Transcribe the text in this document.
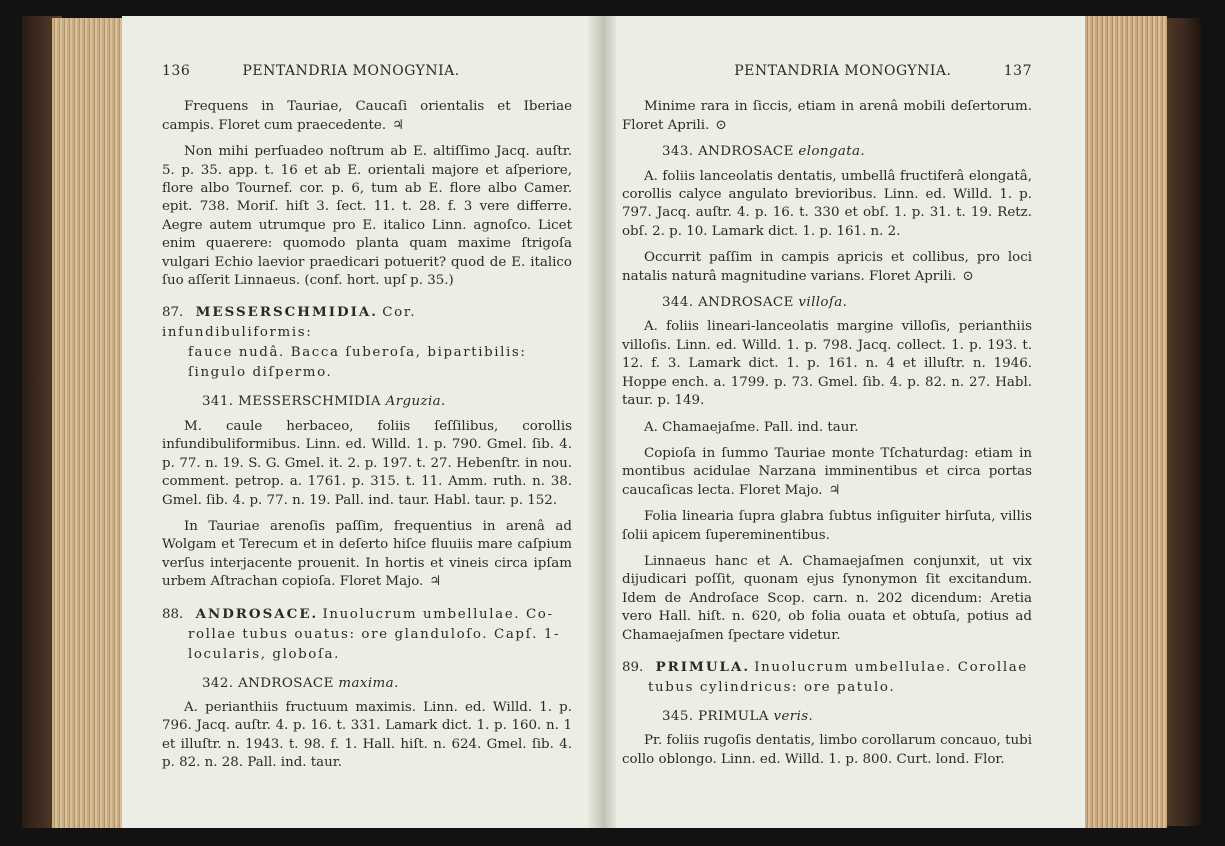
136	PENTANDRIA MONOGYNIA.

Frequens in Tauriae, Caucaſi orientalis et Iberiae campis. Floret cum praecedente. ♃

Non mihi perſuadeo noſtrum ab E. altiſſimo Jacq. auſtr. 5. p. 35. app. t. 16 et ab E. orientali majore et aſperiore, flore albo Tournef. cor. p. 6, tum ab E. flore albo Camer. epit. 738. Moriſ. hiſt 3. ſect. 11. t. 28. f. 3 vere differre. Aegre autem utrumque pro E. italico Linn. agnoſco. Licet enim quaerere: quomodo planta quam maxime ſtrigoſa vulgari Echio laevior praedicari potuerit? quod de E. italico ſuo aſſerit Linnaeus. (conf. hort. upſ p. 35.)

87. MESSERSCHMIDIA. Cor. infundibuliformis:
fauce nudâ. Bacca ſuberoſa, bipartibilis: ſingulo diſpermo.
341. MESSERSCHMIDIA Arguzia.

M. caule herbaceo, foliis ſeſſilibus, corollis infundibuliformibus. Linn. ed. Willd. 1. p. 790. Gmel. ſib. 4. p. 77. n. 19. S. G. Gmel. it. 2. p. 197. t. 27. Hebenſtr. in nou. comment. petrop. a. 1761. p. 315. t. 11. Amm. ruth. n. 38. Gmel. ſib. 4. p. 77. n. 19. Pall. ind. taur. Habl. taur. p. 152.

In Tauriae arenoſis paſſim, frequentius in arenâ ad Wolgam et Terecum et in deſerto hiſce fluuiis mare caſpium verſus interjacente prouenit. In hortis et vineis circa ipſam urbem Aſtrachan copioſa. Floret Majo. ♃

88. ANDROSACE. Inuolucrum umbellulae. Co-
rollae tubus ouatus: ore glanduloſo. Capſ. 1-locularis, globoſa.
342. ANDROSACE maxima.

A. perianthiis fructuum maximis. Linn. ed. Willd. 1. p. 796. Jacq. auſtr. 4. p. 16. t. 331. Lamark dict. 1. p. 160. n. 1 et illuſtr. n. 1943. t. 98. f. 1. Hall. hiſt. n. 624. Gmel. ſib. 4. p. 82. n. 28. Pall. ind. taur.

PENTANDRIA MONOGYNIA.	137

Minime rara in ſiccis, etiam in arenâ mobili deſertorum. Floret Aprili. ⊙

343. ANDROSACE elongata.

A. foliis lanceolatis dentatis, umbellâ fructiferâ elongatâ, corollis calyce angulato brevioribus. Linn. ed. Willd. 1. p. 797. Jacq. auſtr. 4. p. 16. t. 330 et obſ. 1. p. 31. t. 19. Retz. obſ. 2. p. 10. Lamark dict. 1. p. 161. n. 2.

Occurrit paſſim in campis apricis et collibus, pro loci natalis naturâ magnitudine varians. Floret Aprili. ⊙

344. ANDROSACE villoſa.

A. foliis lineari-lanceolatis margine villoſis, perianthiis villoſis. Linn. ed. Willd. 1. p. 798. Jacq. collect. 1. p. 193. t. 12. f. 3. Lamark dict. 1. p. 161. n. 4 et illuſtr. n. 1946. Hoppe ench. a. 1799. p. 73. Gmel. ſib. 4. p. 82. n. 27. Habl. taur. p. 149.

A. Chamaejaſme. Pall. ind. taur.

Copioſa in ſummo Tauriae monte Tſchaturdag: etiam in montibus acidulae Narzana imminentibus et circa portas caucaſicas lecta. Floret Majo. ♃

Folia linearia ſupra glabra ſubtus inſiguiter hirſuta, villis ſolii apicem ſupereminentibus.

Linnaeus hanc et A. Chamaejaſmen conjunxit, ut vix dijudicari poſſit, quonam ejus ſynonymon ſit excitandum. Idem de Androſace Scop. carn. n. 202 dicendum: Aretia vero Hall. hiſt. n. 620, ob folia ouata et obtuſa, potius ad Chamaejaſmen ſpectare videtur.

89. PRIMULA. Inuolucrum umbellulae. Corollae
tubus cylindricus: ore patulo.
345. PRIMULA veris.

Pr. foliis rugoſis dentatis, limbo corollarum concauo, tubi collo oblongo. Linn. ed. Willd. 1. p. 800. Curt. lond. Flor.
